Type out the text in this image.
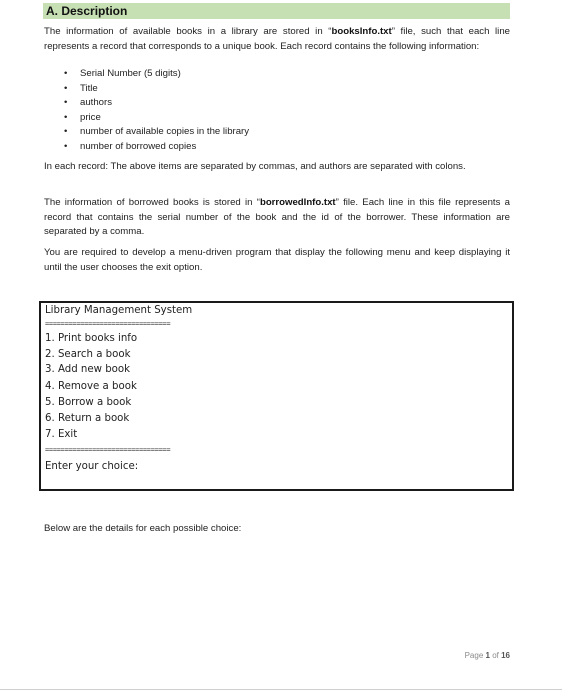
A. Description
The information of available books in a library are stored in “booksInfo.txt” file, such that each line represents a record that corresponds to a unique book. Each record contains the following information:
• Serial Number (5 digits)
• Title
• authors
• price
• number of available copies in the library
• number of borrowed copies
In each record: The above items are separated by commas, and authors are separated with colons.
The information of borrowed books is stored in “borrowedInfo.txt” file. Each line in this file represents a record that contains the serial number of the book and the id of the borrower. These information are separated by a comma.
You are required to develop a menu-driven program that display the following menu and keep displaying it until the user chooses the exit option.
Library Management System
================================
1. Print books info
2. Search a book
3. Add new book
4. Remove a book
5. Borrow a book
6. Return a book
7. Exit
================================
Enter your choice:
Below are the details for each possible choice:
Page 1 of 16
